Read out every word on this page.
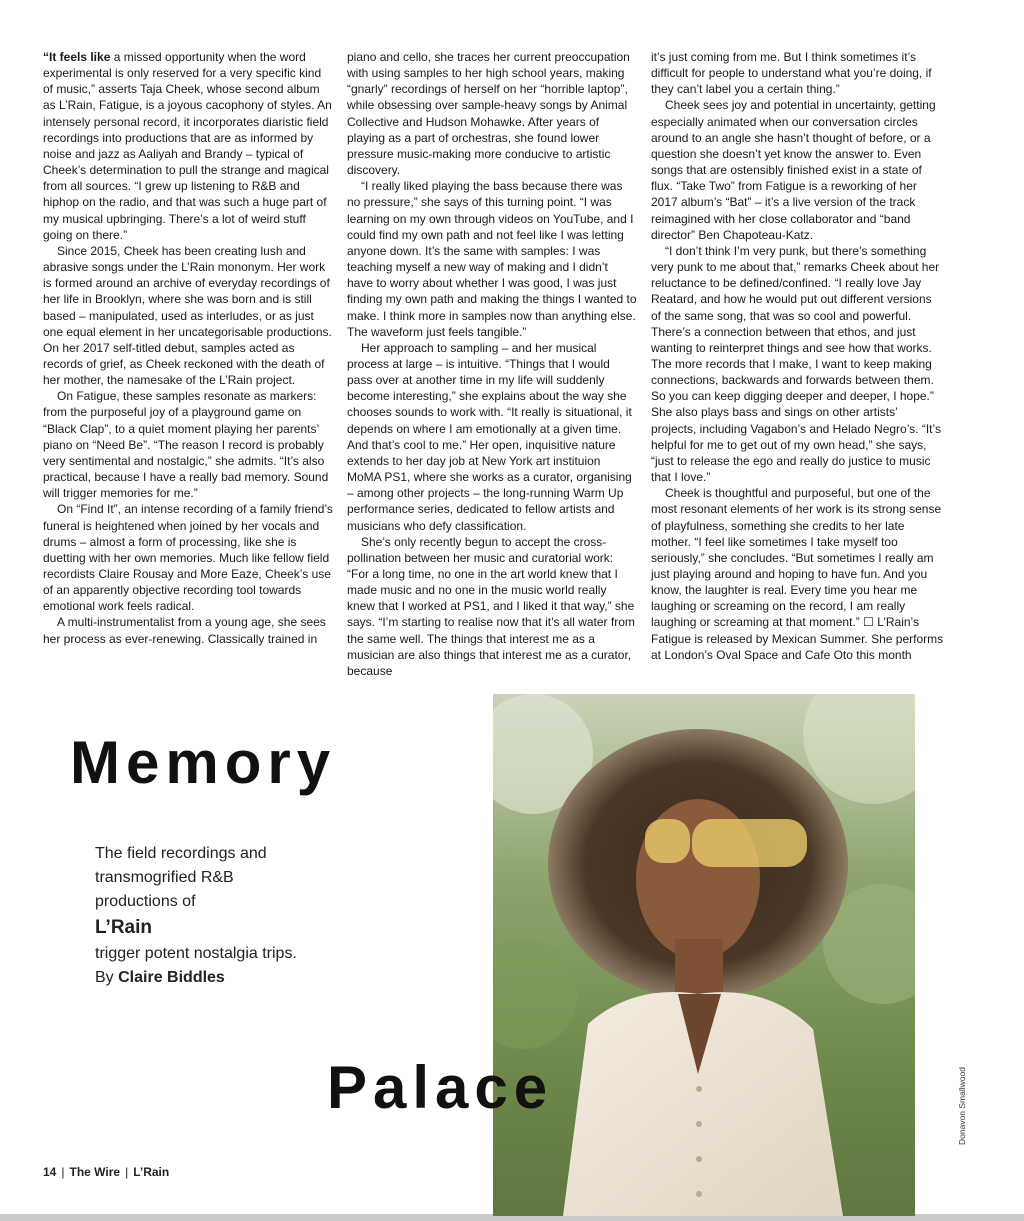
“It feels like a missed opportunity when the word experimental is only reserved for a very specific kind of music,” asserts Taja Cheek, whose second album as L’Rain, Fatigue, is a joyous cacophony of styles. An intensely personal record, it incorporates diaristic field recordings into productions that are as informed by noise and jazz as Aaliyah and Brandy – typical of Cheek’s determination to pull the strange and magical from all sources. “I grew up listening to R&B and hiphop on the radio, and that was such a huge part of my musical upbringing. There’s a lot of weird stuff going on there.”

Since 2015, Cheek has been creating lush and abrasive songs under the L’Rain mononym. Her work is formed around an archive of everyday recordings of her life in Brooklyn, where she was born and is still based – manipulated, used as interludes, or as just one equal element in her uncategorisable productions. On her 2017 self-titled debut, samples acted as records of grief, as Cheek reckoned with the death of her mother, the namesake of the L’Rain project.

On Fatigue, these samples resonate as markers: from the purposeful joy of a playground game on “Black Clap”, to a quiet moment playing her parents’ piano on “Need Be”. “The reason I record is probably very sentimental and nostalgic,” she admits. “It’s also practical, because I have a really bad memory. Sound will trigger memories for me.”

On “Find It”, an intense recording of a family friend’s funeral is heightened when joined by her vocals and drums – almost a form of processing, like she is duetting with her own memories. Much like fellow field recordists Claire Rousay and More Eaze, Cheek’s use of an apparently objective recording tool towards emotional work feels radical.

A multi-instrumentalist from a young age, she sees her process as ever-renewing. Classically trained in

piano and cello, she traces her current preoccupation with using samples to her high school years, making “gnarly” recordings of herself on her “horrible laptop”, while obsessing over sample-heavy songs by Animal Collective and Hudson Mohawke. After years of playing as a part of orchestras, she found lower pressure music-making more conducive to artistic discovery.

“I really liked playing the bass because there was no pressure,” she says of this turning point. “I was learning on my own through videos on YouTube, and I could find my own path and not feel like I was letting anyone down. It’s the same with samples: I was teaching myself a new way of making and I didn’t have to worry about whether I was good, I was just finding my own path and making the things I wanted to make. I think more in samples now than anything else. The waveform just feels tangible.”

Her approach to sampling – and her musical process at large – is intuitive. “Things that I would pass over at another time in my life will suddenly become interesting,” she explains about the way she chooses sounds to work with. “It really is situational, it depends on where I am emotionally at a given time. And that’s cool to me.” Her open, inquisitive nature extends to her day job at New York art instituion MoMA PS1, where she works as a curator, organising – among other projects – the long-running Warm Up performance series, dedicated to fellow artists and musicians who defy classification.

She’s only recently begun to accept the cross-pollination between her music and curatorial work: “For a long time, no one in the art world knew that I made music and no one in the music world really knew that I worked at PS1, and I liked it that way,” she says. “I’m starting to realise now that it’s all water from the same well. The things that interest me as a musician are also things that interest me as a curator, because

it’s just coming from me. But I think sometimes it’s difficult for people to understand what you’re doing, if they can’t label you a certain thing.”

Cheek sees joy and potential in uncertainty, getting especially animated when our conversation circles around to an angle she hasn’t thought of before, or a question she doesn’t yet know the answer to. Even songs that are ostensibly finished exist in a state of flux. “Take Two” from Fatigue is a reworking of her 2017 album’s “Bat” – it’s a live version of the track reimagined with her close collaborator and “band director” Ben Chapoteau-Katz.

“I don’t think I’m very punk, but there’s something very punk to me about that,” remarks Cheek about her reluctance to be defined/confined. “I really love Jay Reatard, and how he would put out different versions of the same song, that was so cool and powerful. There’s a connection between that ethos, and just wanting to reinterpret things and see how that works. The more records that I make, I want to keep making connections, backwards and forwards between them. So you can keep digging deeper and deeper, I hope.” She also plays bass and sings on other artists’ projects, including Vagabon’s and Helado Negro’s. “It’s helpful for me to get out of my own head,” she says, “just to release the ego and really do justice to music that I love.”

Cheek is thoughtful and purposeful, but one of the most resonant elements of her work is its strong sense of playfulness, something she credits to her late mother. “I feel like sometimes I take myself too seriously,” she concludes. “But sometimes I really am just playing around and hoping to have fun. And you know, the laughter is real. Every time you hear me laughing or screaming on the record, I am really laughing or screaming at that moment.” ☐ L’Rain’s Fatigue is released by Mexican Summer. She performs at London’s Oval Space and Cafe Oto this month

Memory
The field recordings and transmogrified R&B productions of
L’Rain
trigger potent nostalgia trips. By Claire Biddles
Palace	Donavon Smallwood
14 | The Wire | L’Rain
